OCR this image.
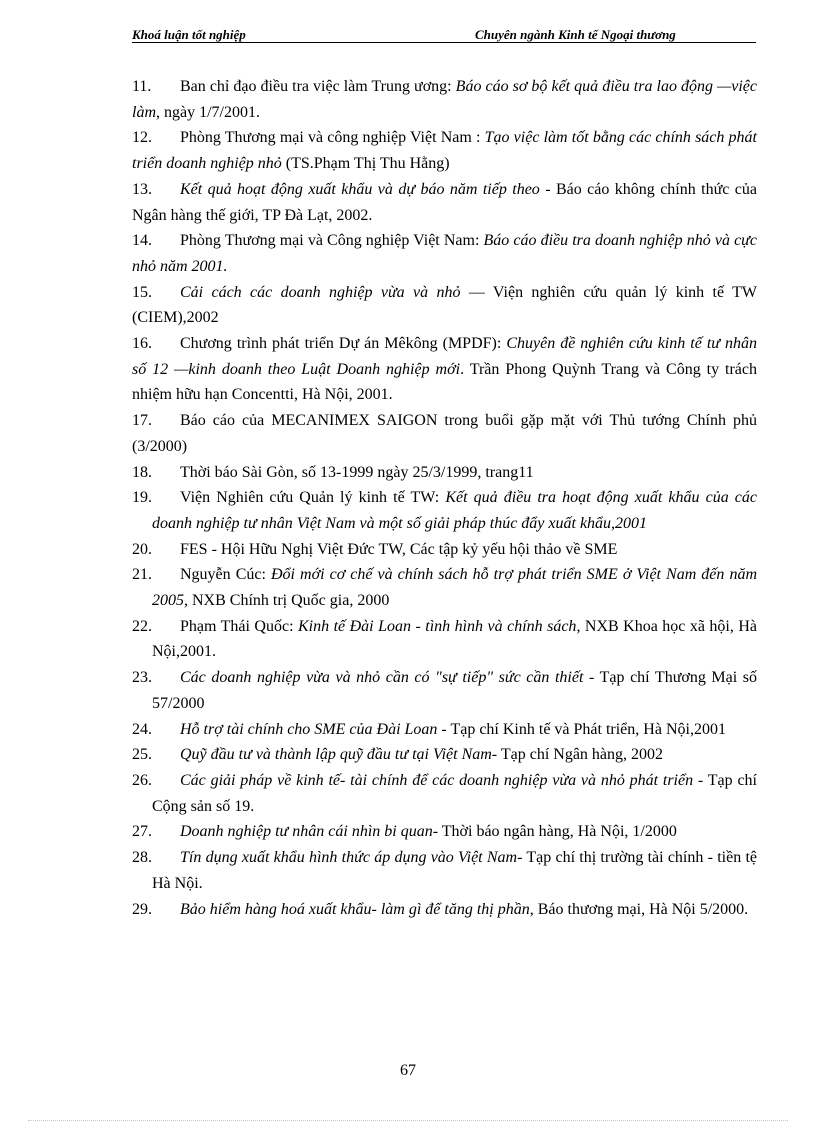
Khoá luận tốt nghiệp	Chuyên ngành Kinh tế Ngoại thương

11. Ban chỉ đạo điều tra việc làm Trung ương: Báo cáo sơ bộ kết quả điều tra lao động —việc làm, ngày 1/7/2001.

12. Phòng Thương mại và công nghiệp Việt Nam : Tạo việc làm tốt bằng các chính sách phát triển doanh nghiệp nhỏ (TS.Phạm Thị Thu Hằng)

13. Kết quả hoạt động xuất khẩu và dự báo năm tiếp theo - Báo cáo không chính thức của Ngân hàng thế giới, TP Đà Lạt, 2002.

14. Phòng Thương mại và Công nghiệp Việt Nam: Báo cáo điều tra doanh nghiệp nhỏ và cực nhỏ năm 2001.

15. Cải cách các doanh nghiệp vừa và nhỏ — Viện nghiên cứu quản lý kinh tế TW (CIEM),2002

16. Chương trình phát triển Dự án Mêkông (MPDF): Chuyên đề nghiên cứu kinh tế tư nhân số 12 —kinh doanh theo Luật Doanh nghiệp mới. Trần Phong Quỳnh Trang và Công ty trách nhiệm hữu hạn Concentti, Hà Nội, 2001.

17. Báo cáo của MECANIMEX SAIGON trong buổi gặp mặt với Thủ tướng Chính phủ (3/2000)

18. Thời báo Sài Gòn, số 13-1999 ngày 25/3/1999, trang11

19. Viện Nghiên cứu Quản lý kinh tế TW: Kết quả điều tra hoạt động xuất khẩu của các doanh nghiệp tư nhân Việt Nam và một số giải pháp thúc đẩy xuất khẩu,2001

20. FES - Hội Hữu Nghị Việt Đức TW, Các tập kỷ yếu hội thảo về SME

21. Nguyễn Cúc: Đổi mới cơ chế và chính sách hỗ trợ phát triển SME ở Việt Nam đến năm 2005, NXB Chính trị Quốc gia, 2000

22. Phạm Thái Quốc: Kinh tế Đài Loan - tình hình và chính sách, NXB Khoa học xã hội, Hà Nội,2001.

23. Các doanh nghiệp vừa và nhỏ cần có "sự tiếp" sức cần thiết - Tạp chí Thương Mại số 57/2000

24. Hỗ trợ tài chính cho SME của Đài Loan - Tạp chí Kinh tế và Phát triển, Hà Nội,2001

25. Quỹ đầu tư và thành lập quỹ đầu tư tại Việt Nam- Tạp chí Ngân hàng, 2002

26. Các giải pháp về kinh tế- tài chính để các doanh nghiệp vừa và nhỏ phát triển - Tạp chí Cộng sản số 19.

27. Doanh nghiệp tư nhân cái nhìn bi quan- Thời báo ngân hàng, Hà Nội, 1/2000

28. Tín dụng xuất khẩu hình thức áp dụng vào Việt Nam- Tạp chí thị trường tài chính - tiền tệ Hà Nội.

29. Bảo hiểm hàng hoá xuất khẩu- làm gì để tăng thị phần, Báo thương mại, Hà Nội 5/2000.

67
